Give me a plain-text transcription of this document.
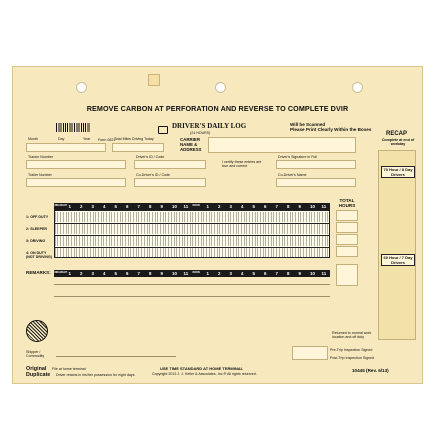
REMOVE CARBON AT PERFORATION AND REVERSE TO COMPLETE DVIR
Form 0821
Month	Day	Year	Total Miles Driving Today
Tractor Number
Trailer Number
Driver's ID / Code
Co-Driver's ID / Code
DRIVER'S DAILY LOG
(24 HOURS)
CARRIER
NAME &
ADDRESS
Will be Scanned
Please Print Clearly Within the Boxes
I certify these entries are true and correct
Driver's Signature in Full
Co-Driver's Name
RECAP
Complete at end of workday
70 Hour / 8 Day Drivers
60 Hour / 7 Day Drivers
MID-NIGHT 1 2 3 4 5 6 7 8 9 10 11 NOON 1 2 3 4 5 6 7 8 9 10 11
TOTAL HOURS
1: OFF DUTY
2: SLEEPER
3: DRIVING
4: ON DUTY (NOT DRIVING)
REMARKS: MID-NIGHT 1 2 3 4 5 6 7 8 9 10 11 NOON 1 2 3 4 5 6 7 8 9 10 11
Shipper / Commodity
Returned to normal work location and off duty
Pre-Trip Inspection Signed
Post-Trip Inspection Signed
Original File at home terminal
Duplicate Driver retains in his/her possession for eight days
USE TIME STANDARD AT HOME TERMINAL
Copyright 2013 J. J. Keller & Associates, Inc.® All rights reserved.
10445 (Rev. 6/13)
